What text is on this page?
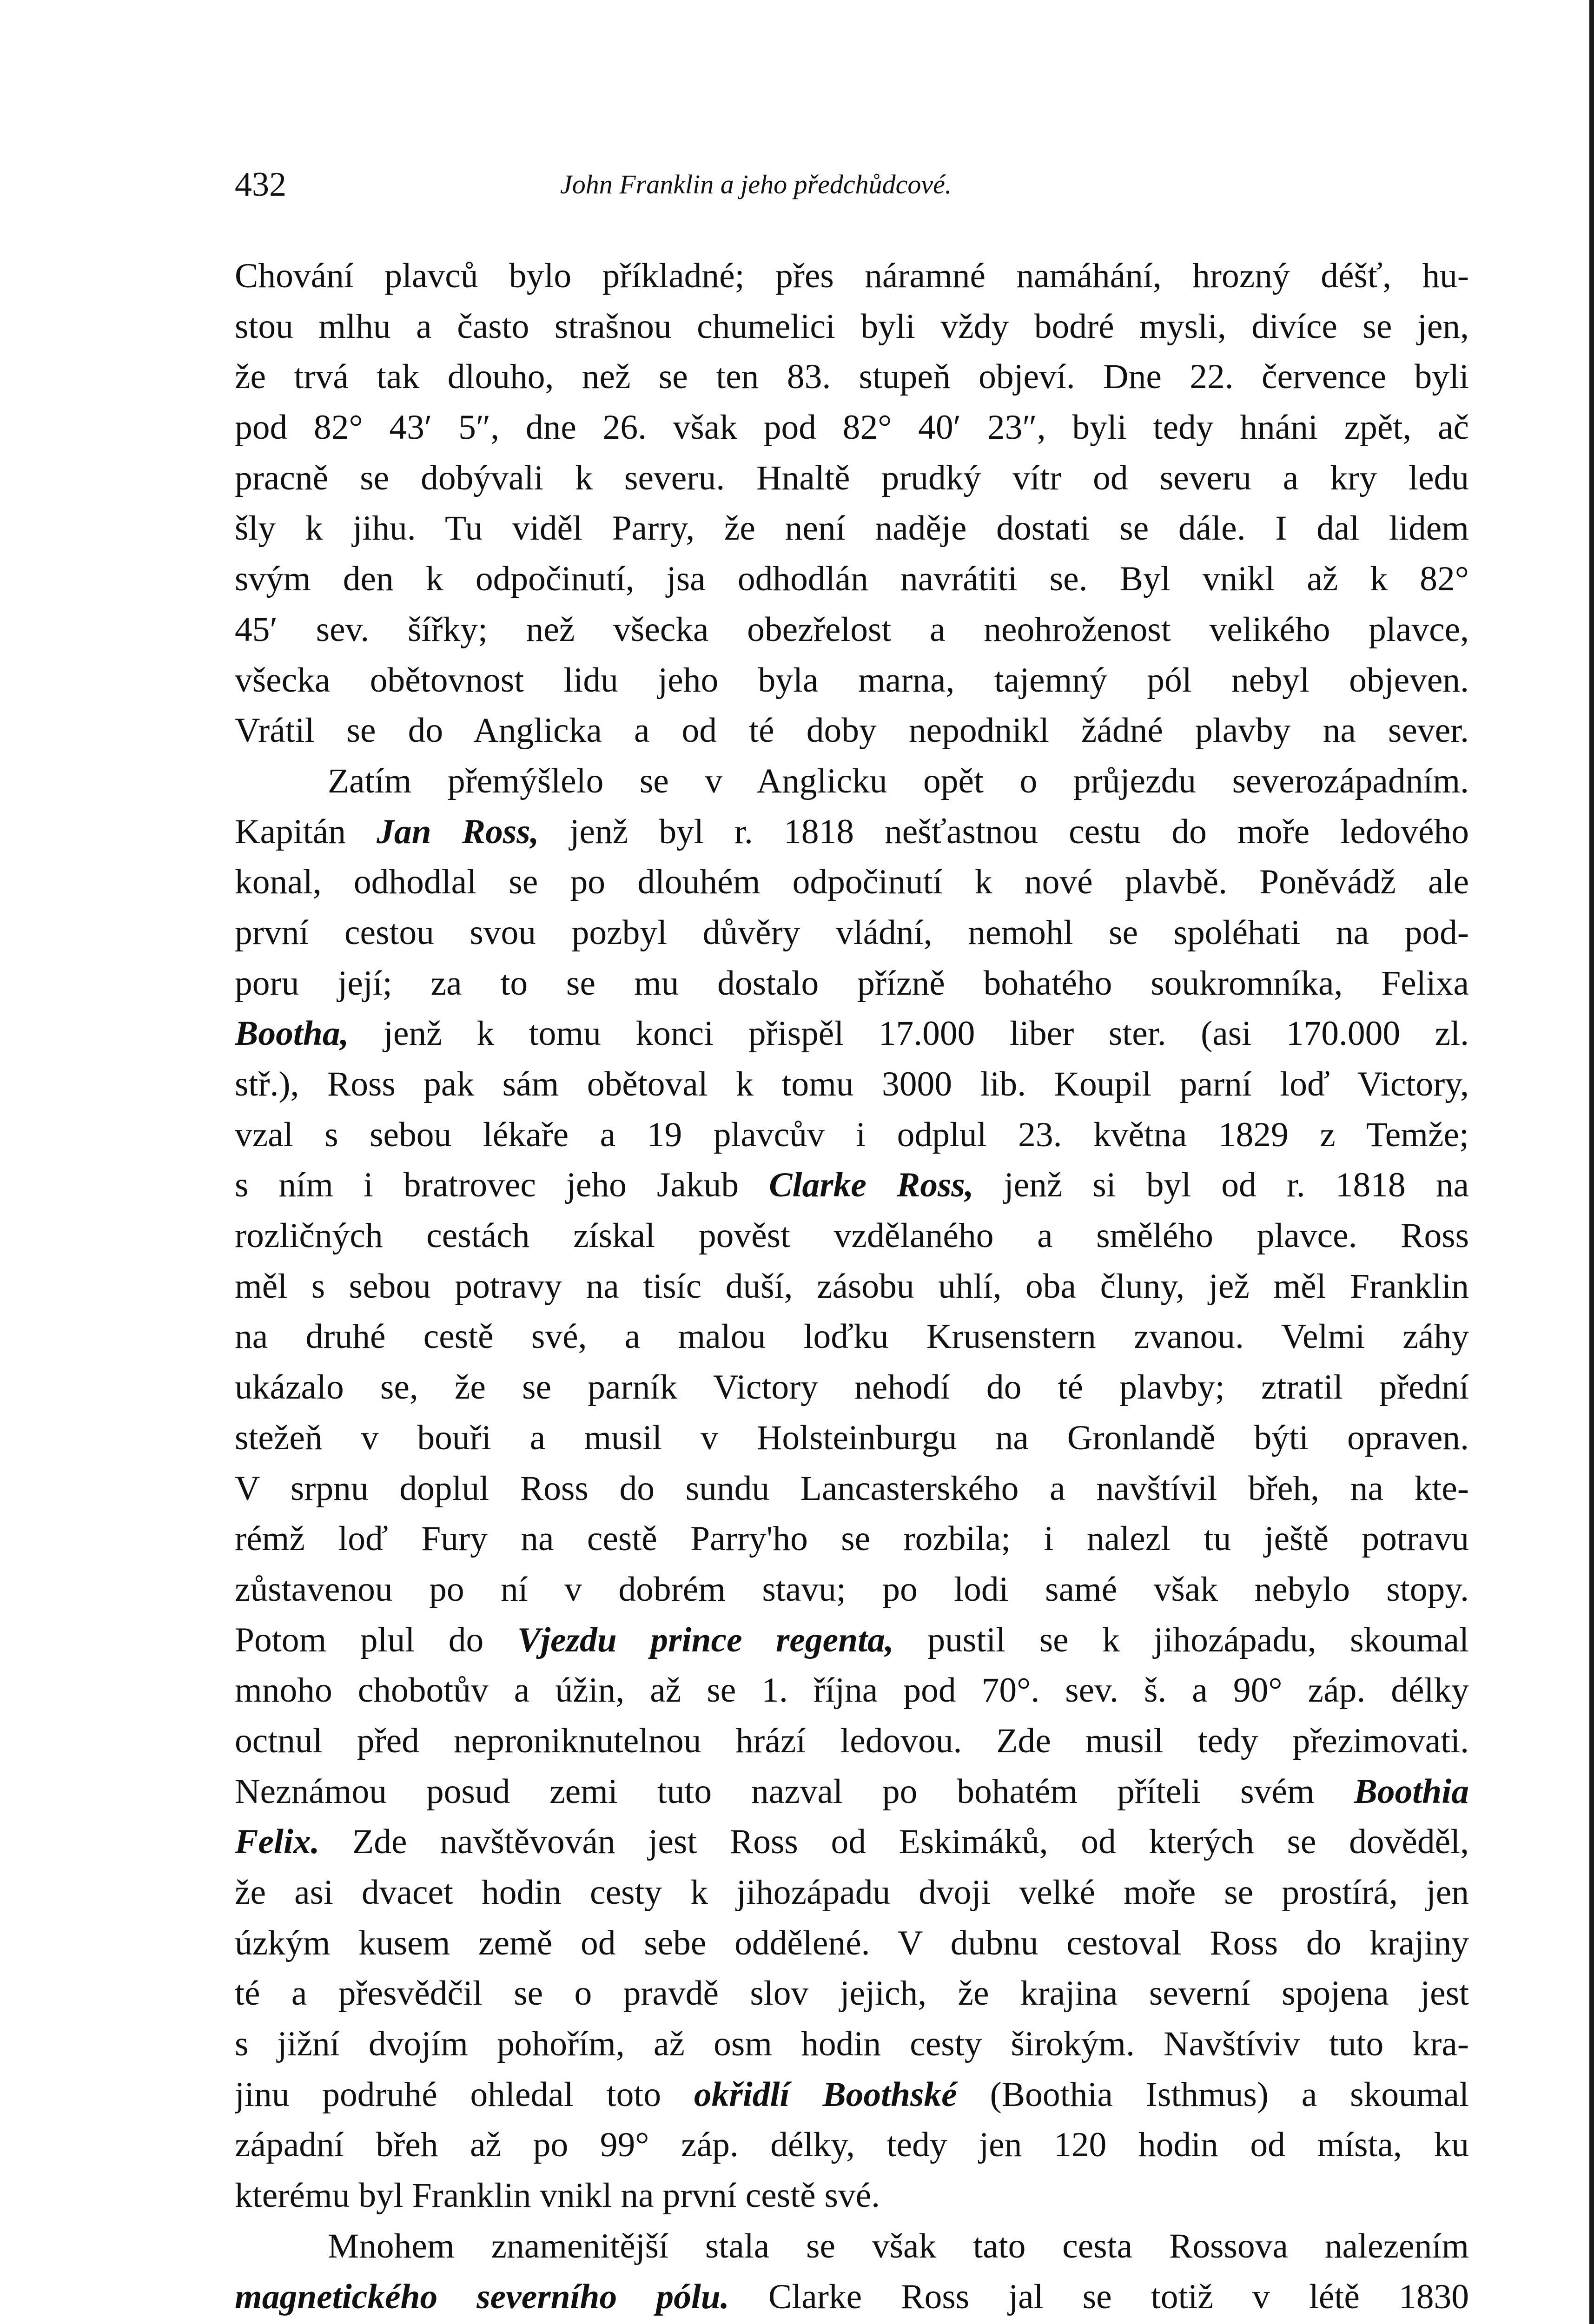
432	John Franklin a jeho předchůdcové.
Chování plavců bylo příkladné; přes náramné namáhání, hrozný déšť, hu-
stou mlhu a často strašnou chumelici byli vždy bodré mysli, divíce se jen,
že trvá tak dlouho, než se ten 83. stupeň objeví. Dne 22. července byli
pod 82° 43′ 5″, dne 26. však pod 82° 40′ 23″, byli tedy hnáni zpět, ač
pracně se dobývali k severu. Hnaltě prudký vítr od severu a kry ledu
šly k jihu. Tu viděl Parry, že není naděje dostati se dále. I dal lidem
svým den k odpočinutí, jsa odhodlán navrátiti se. Byl vnikl až k 82°
45′ sev. šířky; než všecka obezřelost a neohroženost velikého plavce,
všecka obětovnost lidu jeho byla marna, tajemný pól nebyl objeven.
Vrátil se do Anglicka a od té doby nepodnikl žádné plavby na sever.
Zatím přemýšlelo se v Anglicku opět o průjezdu severozápadním.
Kapitán Jan Ross, jenž byl r. 1818 nešťastnou cestu do moře ledového
konal, odhodlal se po dlouhém odpočinutí k nové plavbě. Poněvádž ale
první cestou svou pozbyl důvěry vládní, nemohl se spoléhati na pod-
poru její; za to se mu dostalo přízně bohatého soukromníka, Felixa
Bootha, jenž k tomu konci přispěl 17.000 liber ster. (asi 170.000 zl.
stř.), Ross pak sám obětoval k tomu 3000 lib. Koupil parní loď Victory,
vzal s sebou lékaře a 19 plavcův i odplul 23. května 1829 z Temže;
s ním i bratrovec jeho Jakub Clarke Ross, jenž si byl od r. 1818 na
rozličných cestách získal pověst vzdělaného a smělého plavce. Ross
měl s sebou potravy na tisíc duší, zásobu uhlí, oba čluny, jež měl Franklin
na druhé cestě své, a malou loďku Krusenstern zvanou. Velmi záhy
ukázalo se, že se parník Victory nehodí do té plavby; ztratil přední
stežeň v bouři a musil v Holsteinburgu na Gronlandě býti opraven.
V srpnu doplul Ross do sundu Lancasterského a navštívil břeh, na kte-
rémž loď Fury na cestě Parry'ho se rozbila; i nalezl tu ještě potravu
zůstavenou po ní v dobrém stavu; po lodi samé však nebylo stopy.
Potom plul do Vjezdu prince regenta, pustil se k jihozápadu, skoumal
mnoho chobotův a úžin, až se 1. října pod 70°. sev. š. a 90° záp. délky
octnul před neproniknutelnou hrází ledovou. Zde musil tedy přezimovati.
Neznámou posud zemi tuto nazval po bohatém příteli svém Boothia
Felix. Zde navštěvován jest Ross od Eskimáků, od kterých se dověděl,
že asi dvacet hodin cesty k jihozápadu dvoji velké moře se prostírá, jen
úzkým kusem země od sebe oddělené. V dubnu cestoval Ross do krajiny
té a přesvědčil se o pravdě slov jejich, že krajina severní spojena jest
s jižní dvojím pohořím, až osm hodin cesty širokým. Navštíviv tuto kra-
jinu podruhé ohledal toto okřidlí Boothské (Boothia Isthmus) a skoumal
západní břeh až po 99° záp. délky, tedy jen 120 hodin od místa, ku
kterému byl Franklin vnikl na první cestě své.
Mnohem znamenitější stala se však tato cesta Rossova nalezením
magnetického severního pólu. Clarke Ross jal se totiž v létě 1830
